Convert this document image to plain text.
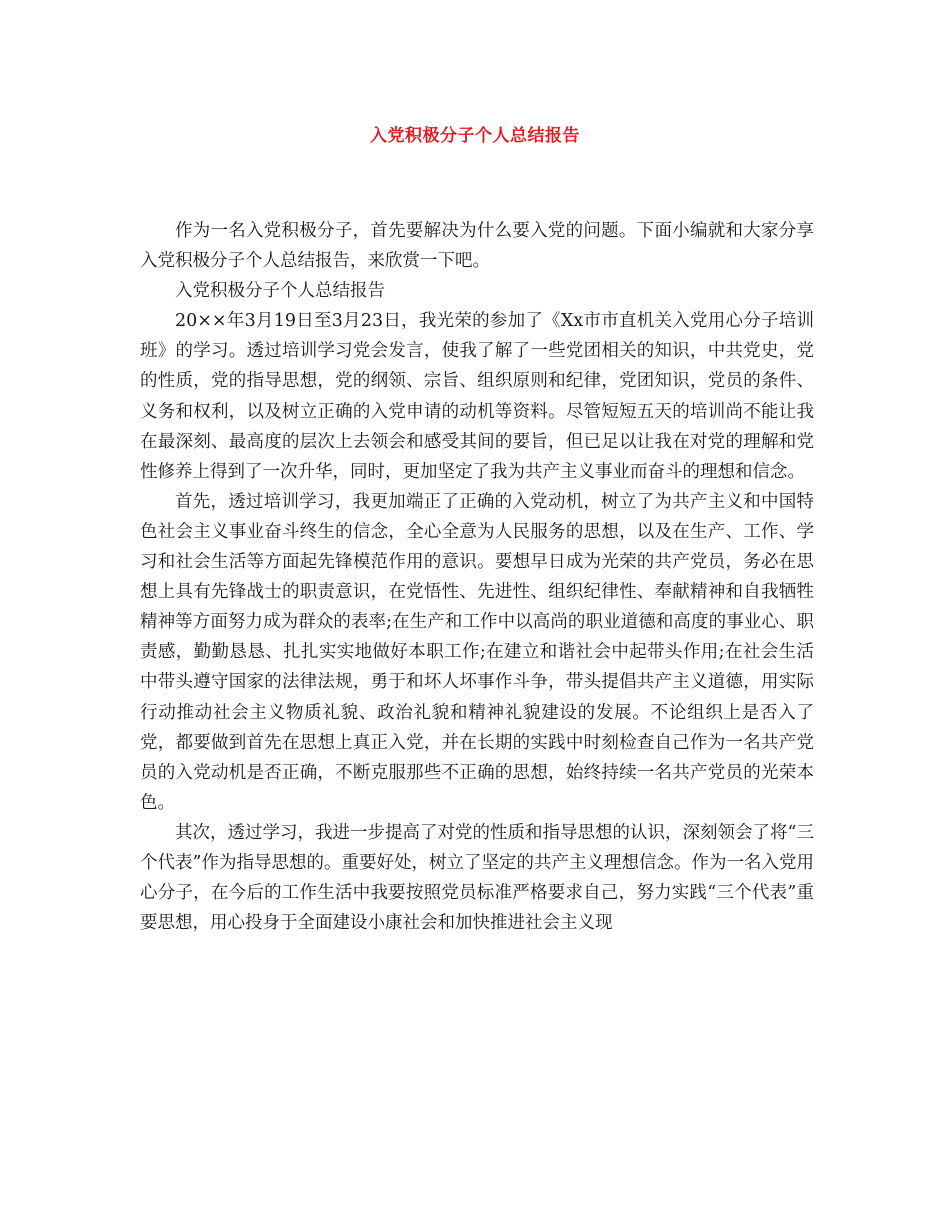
入党积极分子个人总结报告

作为一名入党积极分子，首先要解决为什么要入党的问题。下面小编就和大家分享入党积极分子个人总结报告，来欣赏一下吧。

入党积极分子个人总结报告

20××年3月19日至3月23日，我光荣的参加了《Xx市市直机关入党用心分子培训班》的学习。透过培训学习党会发言，使我了解了一些党团相关的知识，中共党史，党的性质，党的指导思想，党的纲领、宗旨、组织原则和纪律，党团知识，党员的条件、义务和权利，以及树立正确的入党申请的动机等资料。尽管短短五天的培训尚不能让我在最深刻、最高度的层次上去领会和感受其间的要旨，但已足以让我在对党的理解和党性修养上得到了一次升华，同时，更加坚定了我为共产主义事业而奋斗的理想和信念。

首先，透过培训学习，我更加端正了正确的入党动机，树立了为共产主义和中国特色社会主义事业奋斗终生的信念，全心全意为人民服务的思想，以及在生产、工作、学习和社会生活等方面起先锋模范作用的意识。要想早日成为光荣的共产党员，务必在思想上具有先锋战士的职责意识，在党悟性、先进性、组织纪律性、奉献精神和自我牺牲精神等方面努力成为群众的表率;在生产和工作中以高尚的职业道德和高度的事业心、职责感，勤勤恳恳、扎扎实实地做好本职工作;在建立和谐社会中起带头作用;在社会生活中带头遵守国家的法律法规，勇于和坏人坏事作斗争，带头提倡共产主义道德，用实际行动推动社会主义物质礼貌、政治礼貌和精神礼貌建设的发展。不论组织上是否入了党，都要做到首先在思想上真正入党，并在长期的实践中时刻检查自己作为一名共产党员的入党动机是否正确，不断克服那些不正确的思想，始终持续一名共产党员的光荣本色。

其次，透过学习，我进一步提高了对党的性质和指导思想的认识，深刻领会了将“三个代表”作为指导思想的。重要好处，树立了坚定的共产主义理想信念。作为一名入党用心分子，在今后的工作生活中我要按照党员标准严格要求自己，努力实践“三个代表”重要思想，用心投身于全面建设小康社会和加快推进社会主义现
